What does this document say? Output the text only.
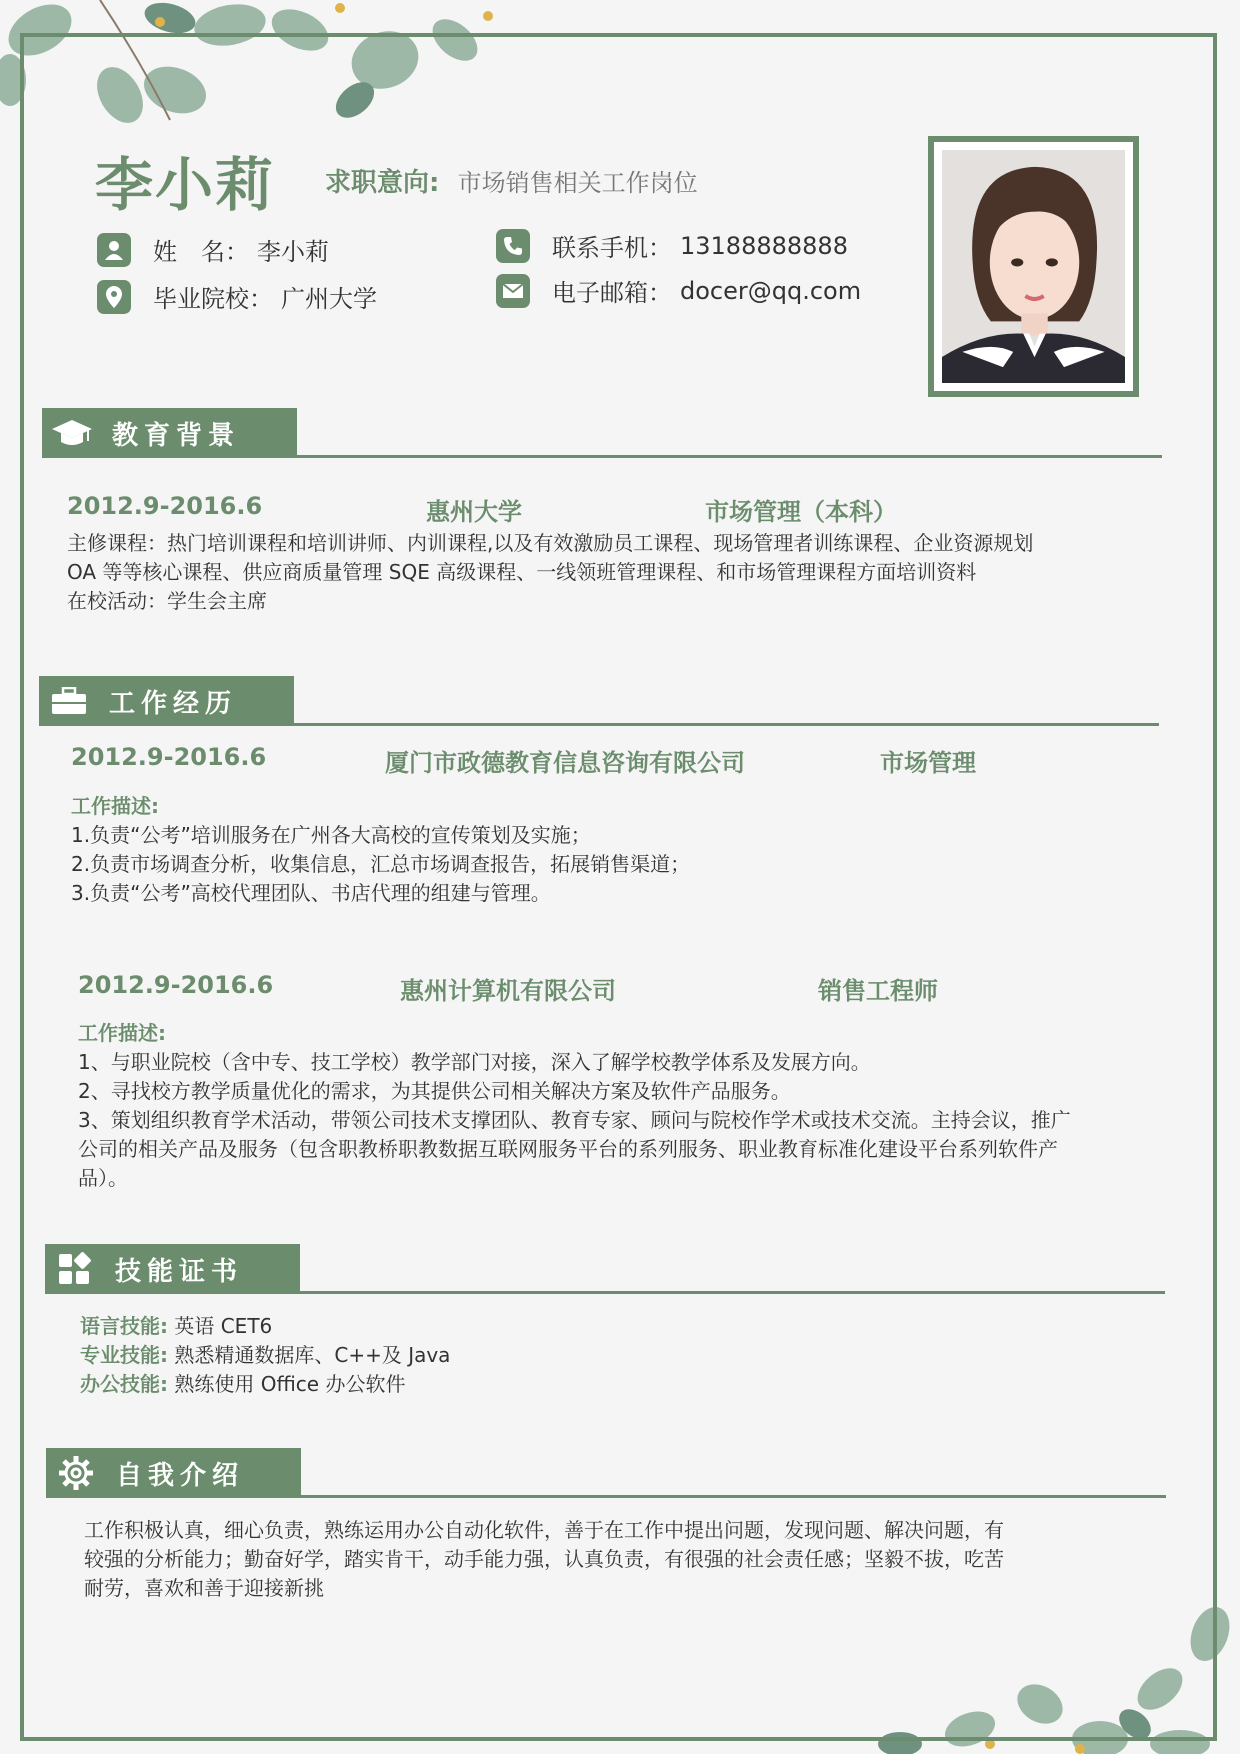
李小莉 求职意向: 市场销售相关工作岗位
姓　名： 李小莉
毕业院校： 广州大学
联系手机： 13188888888
电子邮箱： docer@qq.com
教育背景
2012.9-2016.6	惠州大学	市场管理（本科）
主修课程：热门培训课程和培训讲师、内训课程,以及有效激励员工课程、现场管理者训练课程、企业资源规划
OA 等等核心课程、供应商质量管理 SQE 高级课程、一线领班管理课程、和市场管理课程方面培训资料
在校活动：学生会主席
工作经历
2012.9-2016.6	厦门市政德教育信息咨询有限公司	市场管理
工作描述:
1.负责“公考”培训服务在广州各大高校的宣传策划及实施；
2.负责市场调查分析，收集信息，汇总市场调查报告，拓展销售渠道；
3.负责“公考”高校代理团队、书店代理的组建与管理。
2012.9-2016.6	惠州计算机有限公司	销售工程师
工作描述:
1、与职业院校（含中专、技工学校）教学部门对接，深入了解学校教学体系及发展方向。
2、寻找校方教学质量优化的需求，为其提供公司相关解决方案及软件产品服务。
3、策划组织教育学术活动，带领公司技术支撑团队、教育专家、顾问与院校作学术或技术交流。主持会议，推广
公司的相关产品及服务（包含职教桥职教数据互联网服务平台的系列服务、职业教育标准化建设平台系列软件产
品）。
技能证书
语言技能: 英语 CET6
专业技能: 熟悉精通数据库、C++及 Java
办公技能: 熟练使用 Office 办公软件
自我介绍
工作积极认真，细心负责，熟练运用办公自动化软件，善于在工作中提出问题，发现问题、解决问题，有
较强的分析能力；勤奋好学，踏实肯干，动手能力强，认真负责，有很强的社会责任感；坚毅不拔，吃苦
耐劳，喜欢和善于迎接新挑
